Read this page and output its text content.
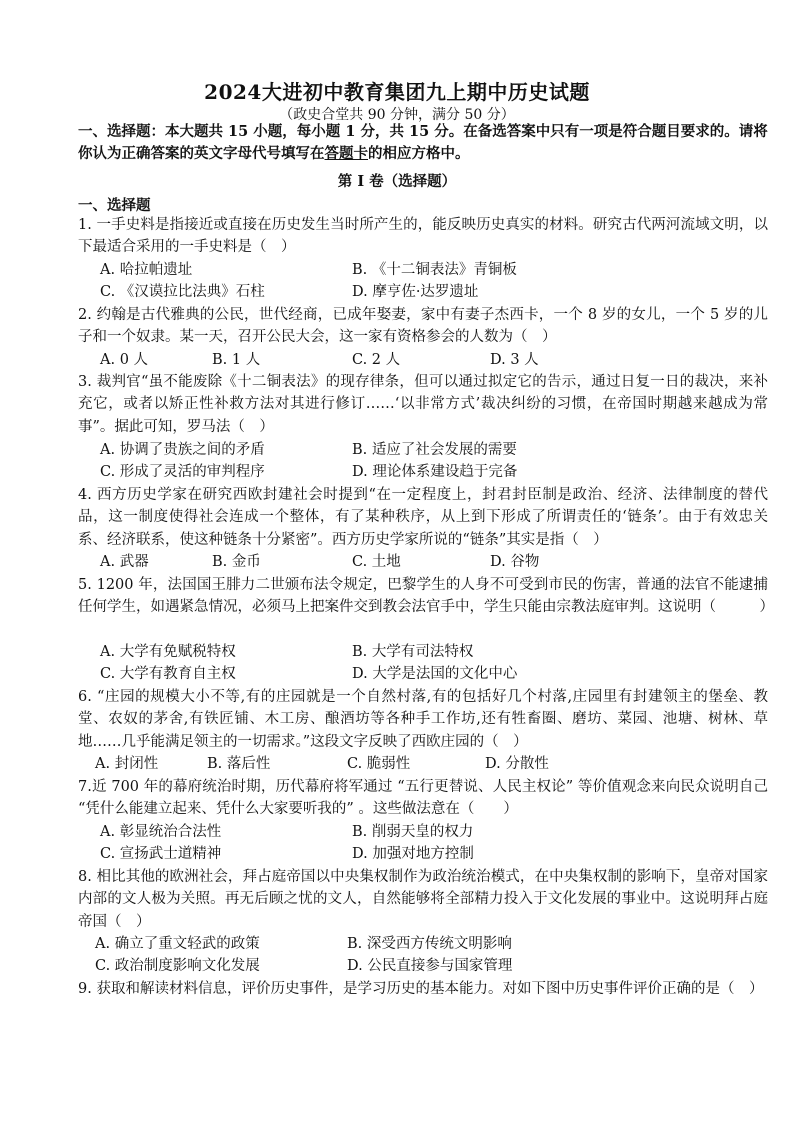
2024大进初中教育集团九上期中历史试题
（政史合堂共 90 分钟，满分 50 分）
一、选择题：本大题共 15 小题，每小题 1 分，共 15 分。在备选答案中只有一项是符合题目要求的。请将你认为正确答案的英文字母代号填写在答题卡的相应方格中。
第 I 卷（选择题）
一、选择题
1. 一手史料是指接近或直接在历史发生当时所产生的，能反映历史真实的材料。研究古代两河流域文明，以下最适合采用的一手史料是（　）
A. 哈拉帕遗址	B. 《十二铜表法》青铜板
C. 《汉谟拉比法典》石柱	D. 摩亨佐·达罗遗址
2. 约翰是古代雅典的公民，世代经商，已成年娶妻，家中有妻子杰西卡，一个 8 岁的女儿，一个 5 岁的儿子和一个奴隶。某一天，召开公民大会，这一家有资格参会的人数为（　）
A. 0 人	B. 1 人	C. 2 人	D. 3 人
3. 裁判官“虽不能废除《十二铜表法》的现存律条，但可以通过拟定它的告示，通过日复一日的裁决，来补充它，或者以矫正性补救方法对其进行修订……‘以非常方式’裁决纠纷的习惯，在帝国时期越来越成为常事”。据此可知，罗马法（　）
A. 协调了贵族之间的矛盾	B. 适应了社会发展的需要
C. 形成了灵活的审判程序	D. 理论体系建设趋于完备
4. 西方历史学家在研究西欧封建社会时提到“在一定程度上，封君封臣制是政治、经济、法律制度的替代品，这一制度使得社会连成一个整体，有了某种秩序，从上到下形成了所谓责任的‘链条’。由于有效忠关系、经济联系，使这种链条十分紧密”。西方历史学家所说的“链条”其实是指（　）
A. 武器	B. 金币	C. 土地	D. 谷物
5. 1200 年，法国国王腓力二世颁布法令规定，巴黎学生的人身不可受到市民的伤害，普通的法官不能逮捕任何学生，如遇紧急情况，必须马上把案件交到教会法官手中，学生只能由宗教法庭审判。这说明（　　　）
A. 大学有免赋税特权	B. 大学有司法特权
C. 大学有教育自主权	D. 大学是法国的文化中心
6. “庄园的规模大小不等,有的庄园就是一个自然村落,有的包括好几个村落,庄园里有封建领主的堡垒、教堂、农奴的茅舍,有铁匠铺、木工房、酿酒坊等各种手工作坊,还有牲畜圈、磨坊、菜园、池塘、树林、草地……几乎能满足领主的一切需求。”这段文字反映了西欧庄园的（　）
A. 封闭性	B. 落后性	C. 脆弱性	D. 分散性
7.近 700 年的幕府统治时期，历代幕府将军通过 “五行更替说、人民主权论” 等价值观念来向民众说明自己 “凭什么能建立起来、凭什么大家要听我的” 。这些做法意在（　　）
A. 彰显统治合法性	B. 削弱天皇的权力
C. 宣扬武士道精神	D. 加强对地方控制
8. 相比其他的欧洲社会，拜占庭帝国以中央集权制作为政治统治模式，在中央集权制的影响下，皇帝对国家内部的文人极为关照。再无后顾之忧的文人，自然能够将全部精力投入于文化发展的事业中。这说明拜占庭帝国（　）
A. 确立了重文轻武的政策	B. 深受西方传统文明影响
C. 政治制度影响文化发展	D. 公民直接参与国家管理
9. 获取和解读材料信息，评价历史事件，是学习历史的基本能力。对如下图中历史事件评价正确的是（　）
